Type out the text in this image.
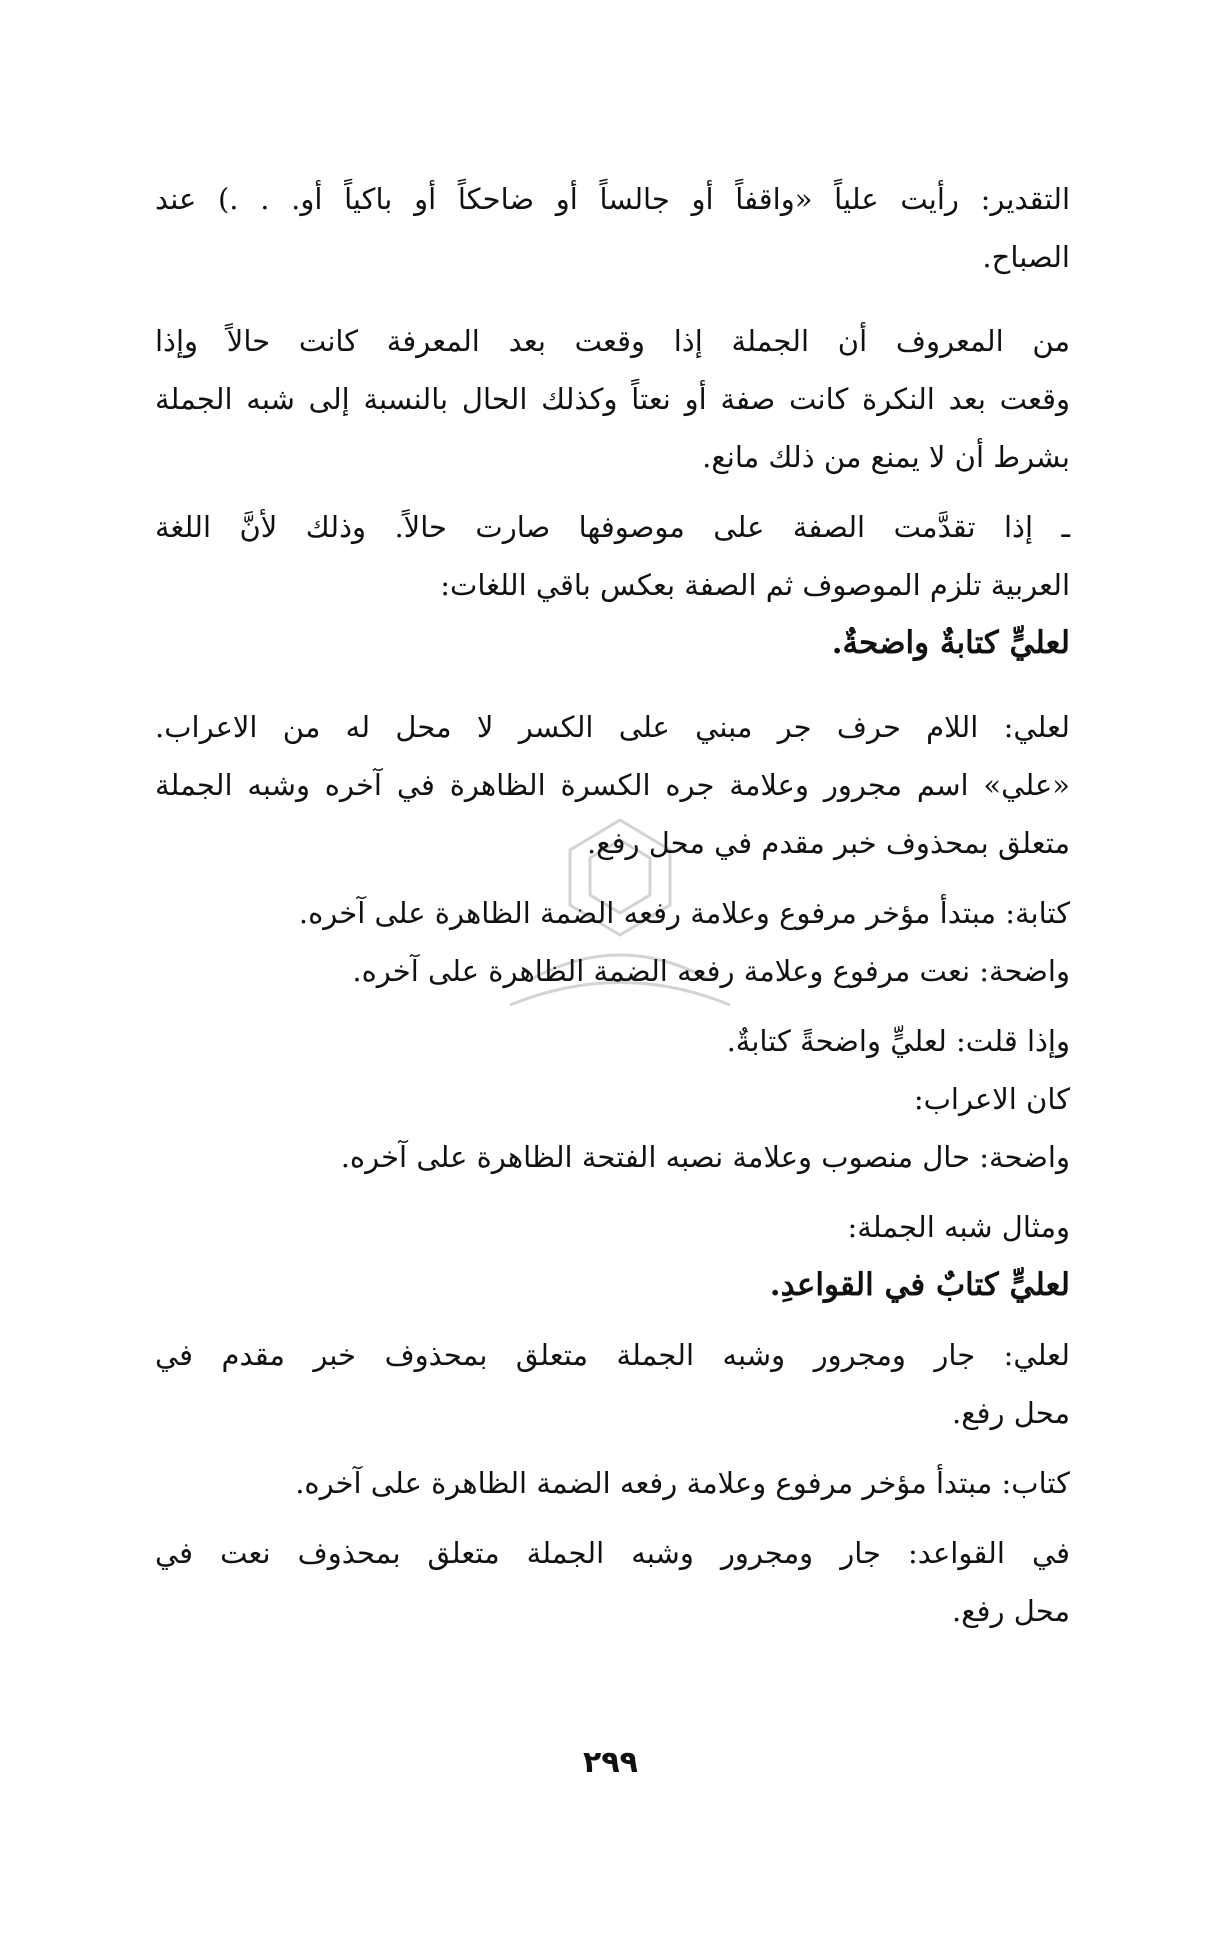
التقدير: رأيت علياً «واقفاً أو جالساً أو ضاحكاً أو باكياً أو. . .) عند
الصباح.
من المعروف أن الجملة إذا وقعت بعد المعرفة كانت حالاً وإذا
وقعت بعد النكرة كانت صفة أو نعتاً وكذلك الحال بالنسبة إلى شبه الجملة
بشرط أن لا يمنع من ذلك مانع.
ـ إذا تقدَّمت الصفة على موصوفها صارت حالاً. وذلك لأنَّ اللغة
العربية تلزم الموصوف ثم الصفة بعكس باقي اللغات:
لعليٍّ كتابةٌ واضحةٌ.
لعلي: اللام حرف جر مبني على الكسر لا محل له من الاعراب.
«علي» اسم مجرور وعلامة جره الكسرة الظاهرة في آخره وشبه الجملة
متعلق بمحذوف خبر مقدم في محل رفع.
كتابة: مبتدأ مؤخر مرفوع وعلامة رفعه الضمة الظاهرة على آخره.
واضحة: نعت مرفوع وعلامة رفعه الضمة الظاهرة على آخره.
وإذا قلت: لعليٍّ واضحةً كتابةٌ.
كان الاعراب:
واضحة: حال منصوب وعلامة نصبه الفتحة الظاهرة على آخره.
ومثال شبه الجملة:
لعليٍّ كتابٌ في القواعدِ.
لعلي: جار ومجرور وشبه الجملة متعلق بمحذوف خبر مقدم في
محل رفع.
كتاب: مبتدأ مؤخر مرفوع وعلامة رفعه الضمة الظاهرة على آخره.
في القواعد: جار ومجرور وشبه الجملة متعلق بمحذوف نعت في
محل رفع.
٢٩٩
